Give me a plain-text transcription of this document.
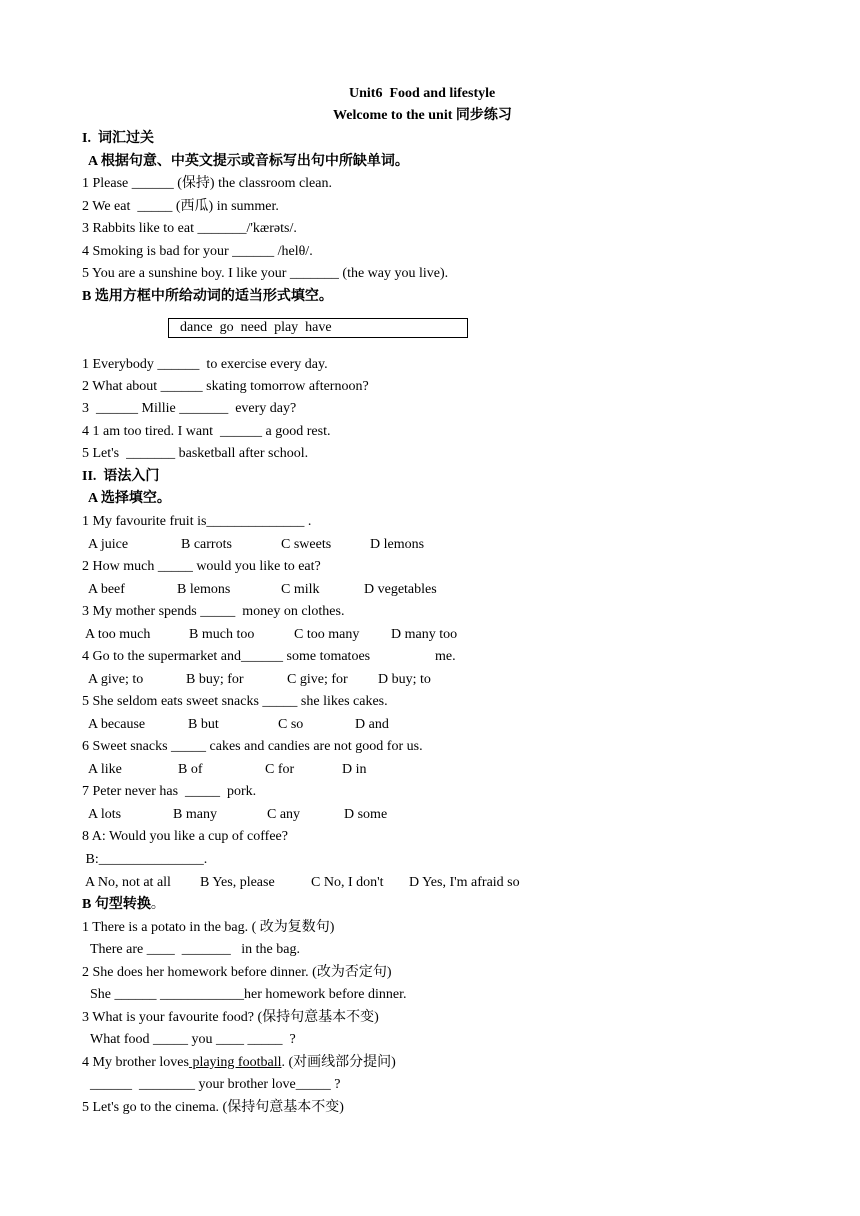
Unit6  Food and lifestyle
Welcome to the unit 同步练习
I.  词汇过关
A 根据句意、中英文提示或音标写出句中所缺单词。
1 Please ______ (保持) the classroom clean.
2 We eat  _____ (西瓜) in summer.
3 Rabbits like to eat _______/'kærəts/.
4 Smoking is bad for your ______ /helθ/.
5 You are a sunshine boy. I like your _______ (the way you live).
B 选用方框中所给动词的适当形式填空。
dance  go  need  play  have
1 Everybody ______  to exercise every day.
2 What about ______ skating tomorrow afternoon?
3  ______ Millie _______  every day?
4 1 am too tired. I want  ______ a good rest.
5 Let's  _______ basketball after school.
II.  语法入门
A 选择填空。
1 My favourite fruit is______________ .
A juice	B carrots	C sweets	D lemons
2 How much _____ would you like to eat?
A beef	B lemons	C milk	D vegetables
3 My mother spends _____  money on clothes.
A too much	B much too	C too many D many too
4 Go to the supermarket and______ some tomatoes	me.
A give; to	B buy; for	C give; for D buy; to
5 She seldom eats sweet snacks _____ she likes cakes.
A because	B but	C so	D and
6 Sweet snacks _____ cakes and candies are not good for us.
A like	B of	C for	D in
7 Peter never has  _____  pork.
A lots	B many	C any	D some
8 A: Would you like a cup of coffee?
B:_______________.
A No, not at all B Yes, please	C No, I don't D Yes, I'm afraid so
B 句型转换。
1 There is a potato in the bag. ( 改为复数句)
There are ____  _______   in the bag.
2 She does her homework before dinner. (改为否定句)
She ______ ____________her homework before dinner.
3 What is your favourite food? (保持句意基本不变)
What food _____ you ____ _____  ?
4 My brother loves playing football. (对画线部分提问)
______  ________ your brother love_____ ?
5 Let's go to the cinema. (保持句意基本不变)
